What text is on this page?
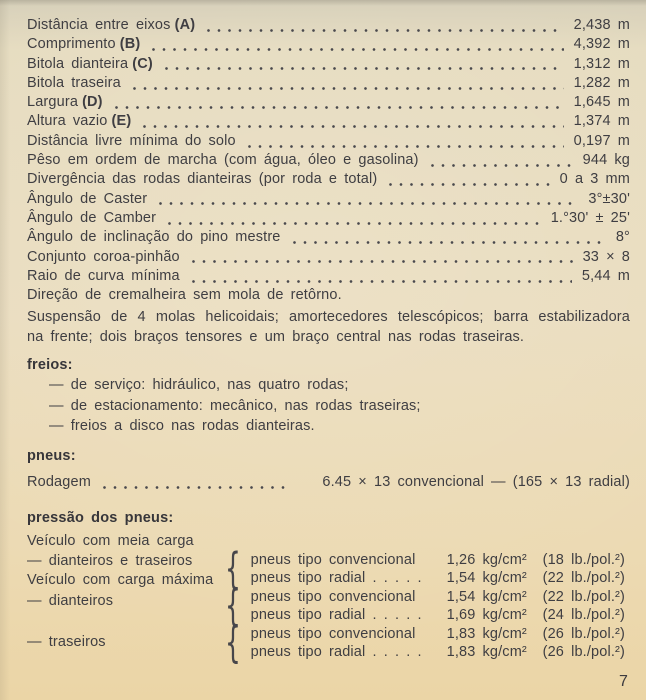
Distância entre eixos (A)	2,438 m
Comprimento (B)	4,392 m
Bitola dianteira (C)	1,312 m
Bitola traseira	1,282 m
Largura (D)	1,645 m
Altura vazio (E)	1,374 m
Distância livre mínima do solo	0,197 m
Pêso em ordem de marcha (com água, óleo e gasolina)	944 kg
Divergência das rodas dianteiras (por roda e total)	0 a 3 mm
Ângulo de Caster	3°±30'
Ângulo de Camber	1.°30' ± 25'
Ângulo de inclinação do pino mestre	8°
Conjunto coroa-pinhão	33 × 8
Raio de curva mínima	5,44 m
Direção de cremalheira sem mola de retôrno.
Suspensão de 4 molas helicoidais; amortecedores telescópicos; barra estabilizadora
na frente; dois braços tensores e um braço central nas rodas traseiras.
freios:
— de serviço: hidráulico, nas quatro rodas;
— de estacionamento: mecânico, nas rodas traseiras;
— freios a disco nas rodas dianteiras.
pneus:
Rodagem	6.45 × 13 convencional — (165 × 13 radial)
pressão dos pneus:
Veículo com meia carga
— dianteiros e traseiros
Veículo com carga máxima
— dianteiros
— traseiros
{ pneus tipo convencional	1,26 kg/cm²	(18 lb./pol.²)
pneus tipo radial . . . . .	1,54 kg/cm²	(22 lb./pol.²)
{ pneus tipo convencional	1,54 kg/cm²	(22 lb./pol.²)
pneus tipo radial . . . . .	1,69 kg/cm²	(24 lb./pol.²)
{ pneus tipo convencional	1,83 kg/cm²	(26 lb./pol.²)
pneus tipo radial . . . . .	1,83 kg/cm²	(26 lb./pol.²)
7
